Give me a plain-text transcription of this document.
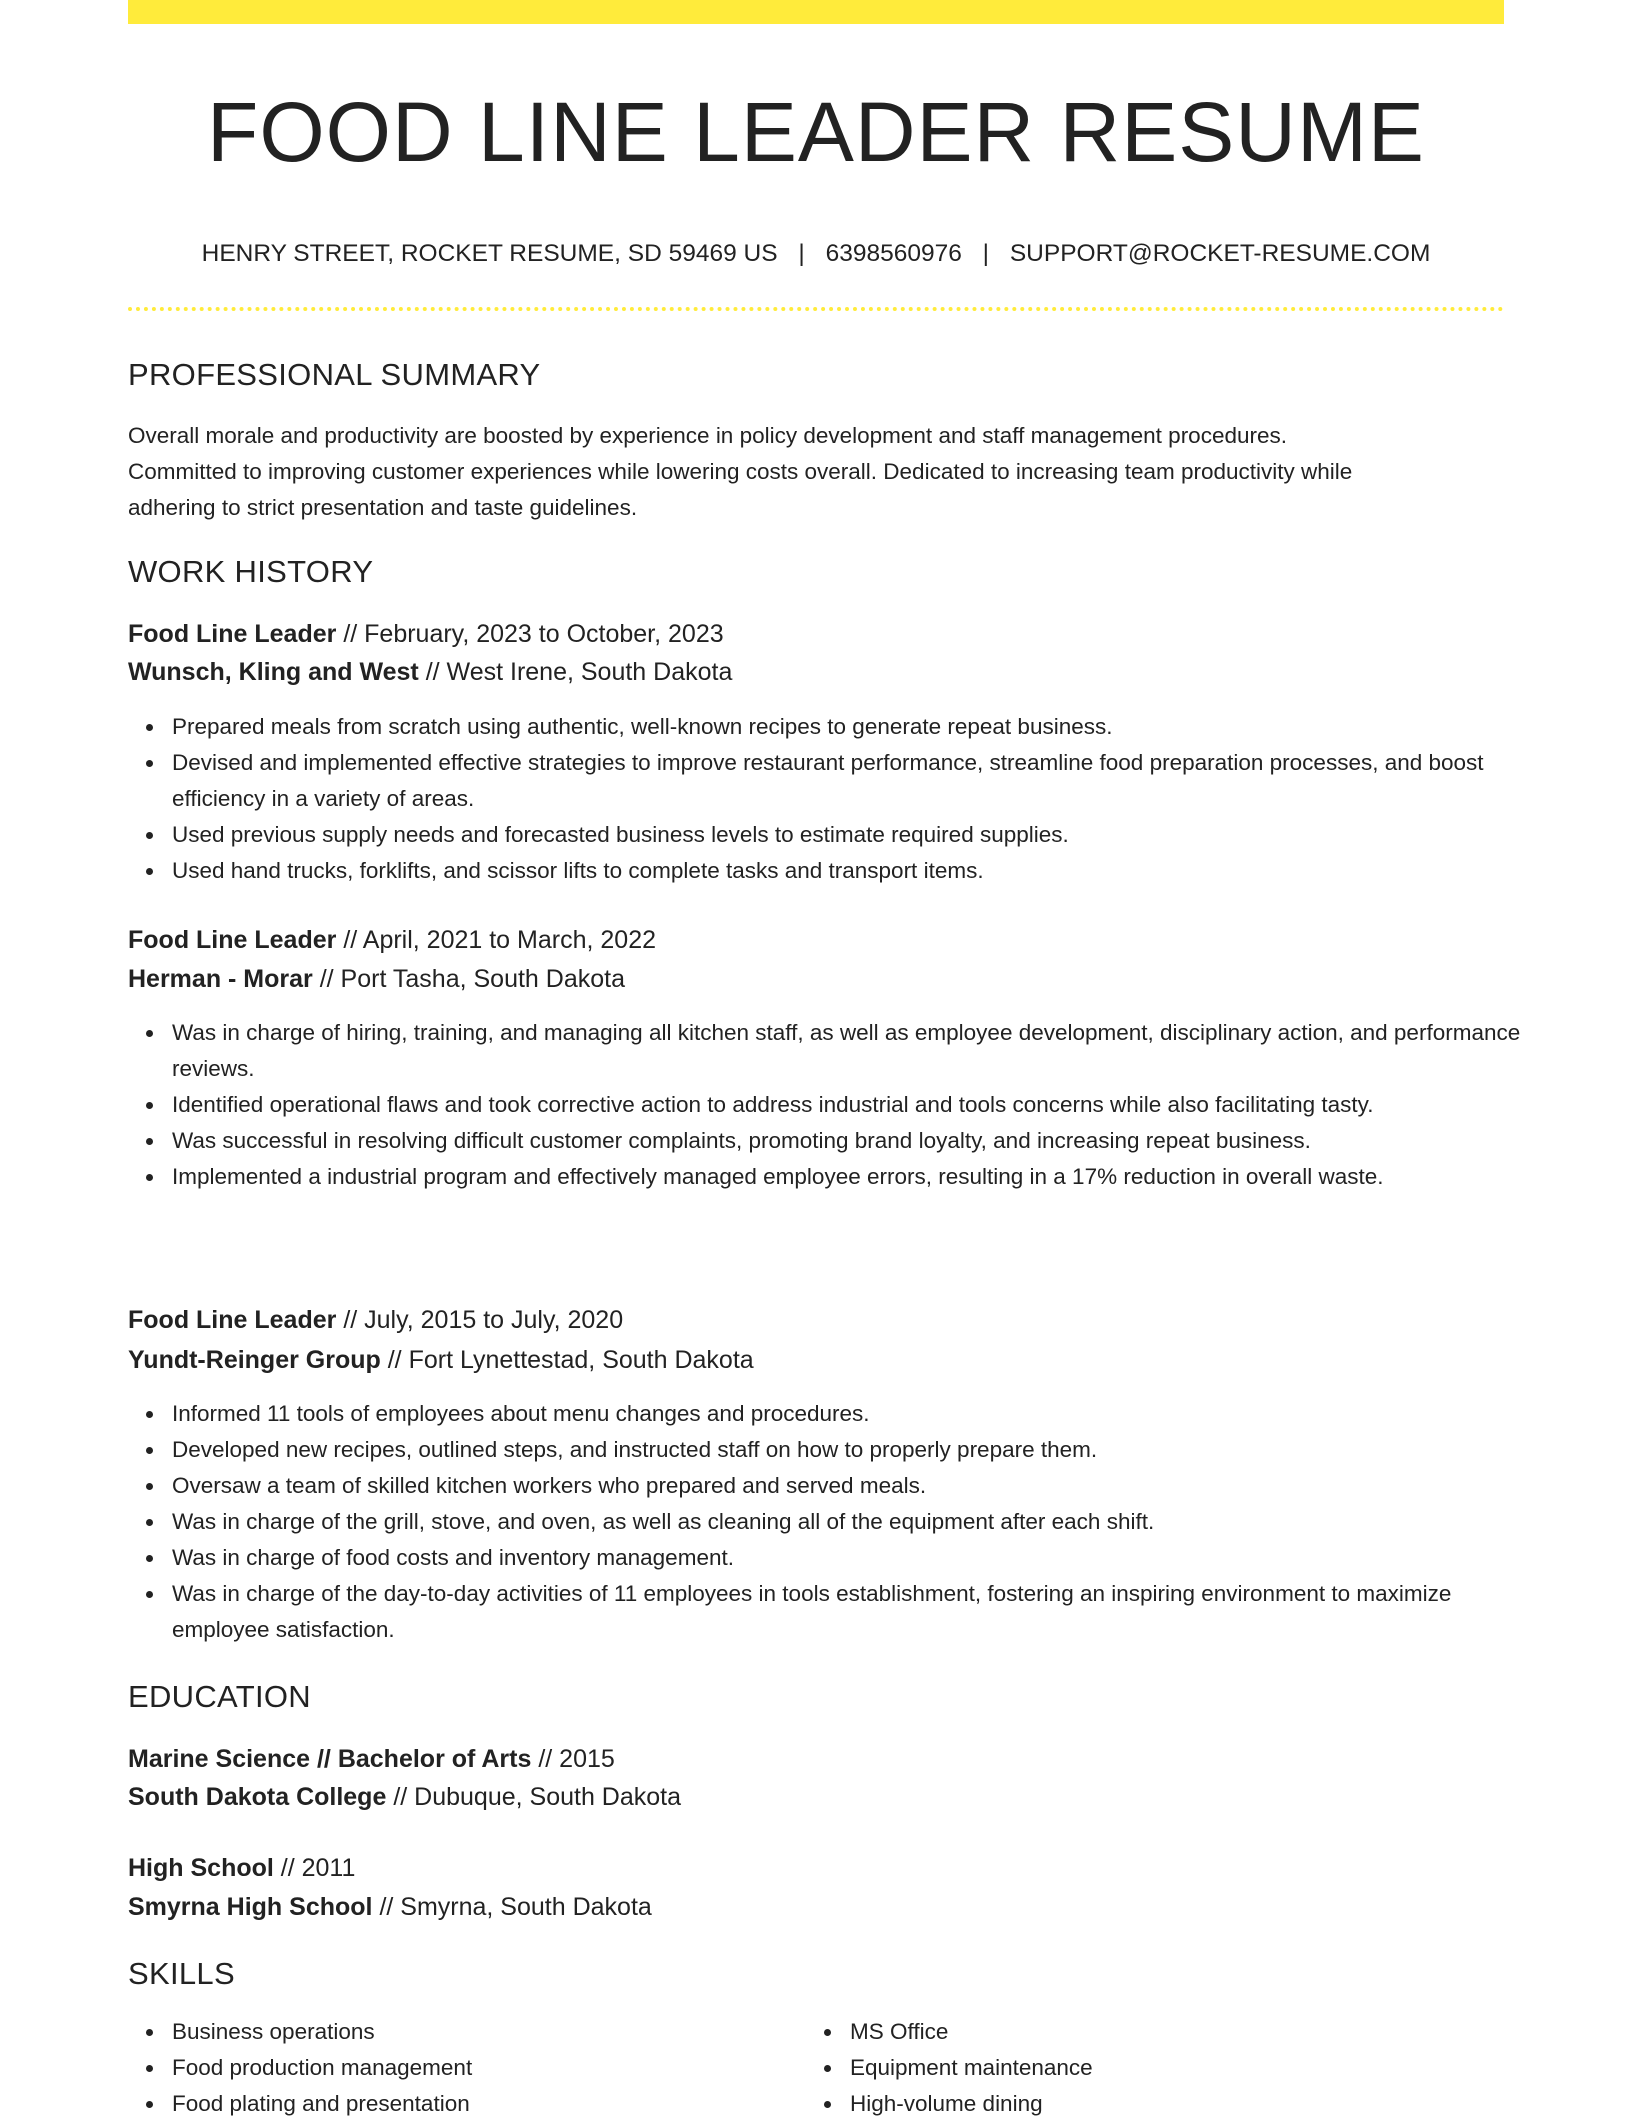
FOOD LINE LEADER RESUME
HENRY STREET, ROCKET RESUME, SD 59469 US | 6398560976 | SUPPORT@ROCKET-RESUME.COM
PROFESSIONAL SUMMARY
Overall morale and productivity are boosted by experience in policy development and staff management procedures.
Committed to improving customer experiences while lowering costs overall. Dedicated to increasing team productivity while
adhering to strict presentation and taste guidelines.
WORK HISTORY
Food Line Leader // February, 2023 to October, 2023
Wunsch, Kling and West // West Irene, South Dakota
Prepared meals from scratch using authentic, well-known recipes to generate repeat business.
Devised and implemented effective strategies to improve restaurant performance, streamline food preparation processes, and boost efficiency in a variety of areas.
Used previous supply needs and forecasted business levels to estimate required supplies.
Used hand trucks, forklifts, and scissor lifts to complete tasks and transport items.
Food Line Leader // April, 2021 to March, 2022
Herman - Morar // Port Tasha, South Dakota
Was in charge of hiring, training, and managing all kitchen staff, as well as employee development, disciplinary action, and performance reviews.
Identified operational flaws and took corrective action to address industrial and tools concerns while also facilitating tasty.
Was successful in resolving difficult customer complaints, promoting brand loyalty, and increasing repeat business.
Implemented a industrial program and effectively managed employee errors, resulting in a 17% reduction in overall waste.
Food Line Leader // July, 2015 to July, 2020
Yundt-Reinger Group // Fort Lynettestad, South Dakota
Informed 11 tools of employees about menu changes and procedures.
Developed new recipes, outlined steps, and instructed staff on how to properly prepare them.
Oversaw a team of skilled kitchen workers who prepared and served meals.
Was in charge of the grill, stove, and oven, as well as cleaning all of the equipment after each shift.
Was in charge of food costs and inventory management.
Was in charge of the day-to-day activities of 11 employees in tools establishment, fostering an inspiring environment to maximize employee satisfaction.
EDUCATION
Marine Science // Bachelor of Arts // 2015
South Dakota College // Dubuque, South Dakota
High School // 2011
Smyrna High School // Smyrna, South Dakota
SKILLS
Business operations
Food production management
Food plating and presentation
MS Office
Equipment maintenance
High-volume dining
